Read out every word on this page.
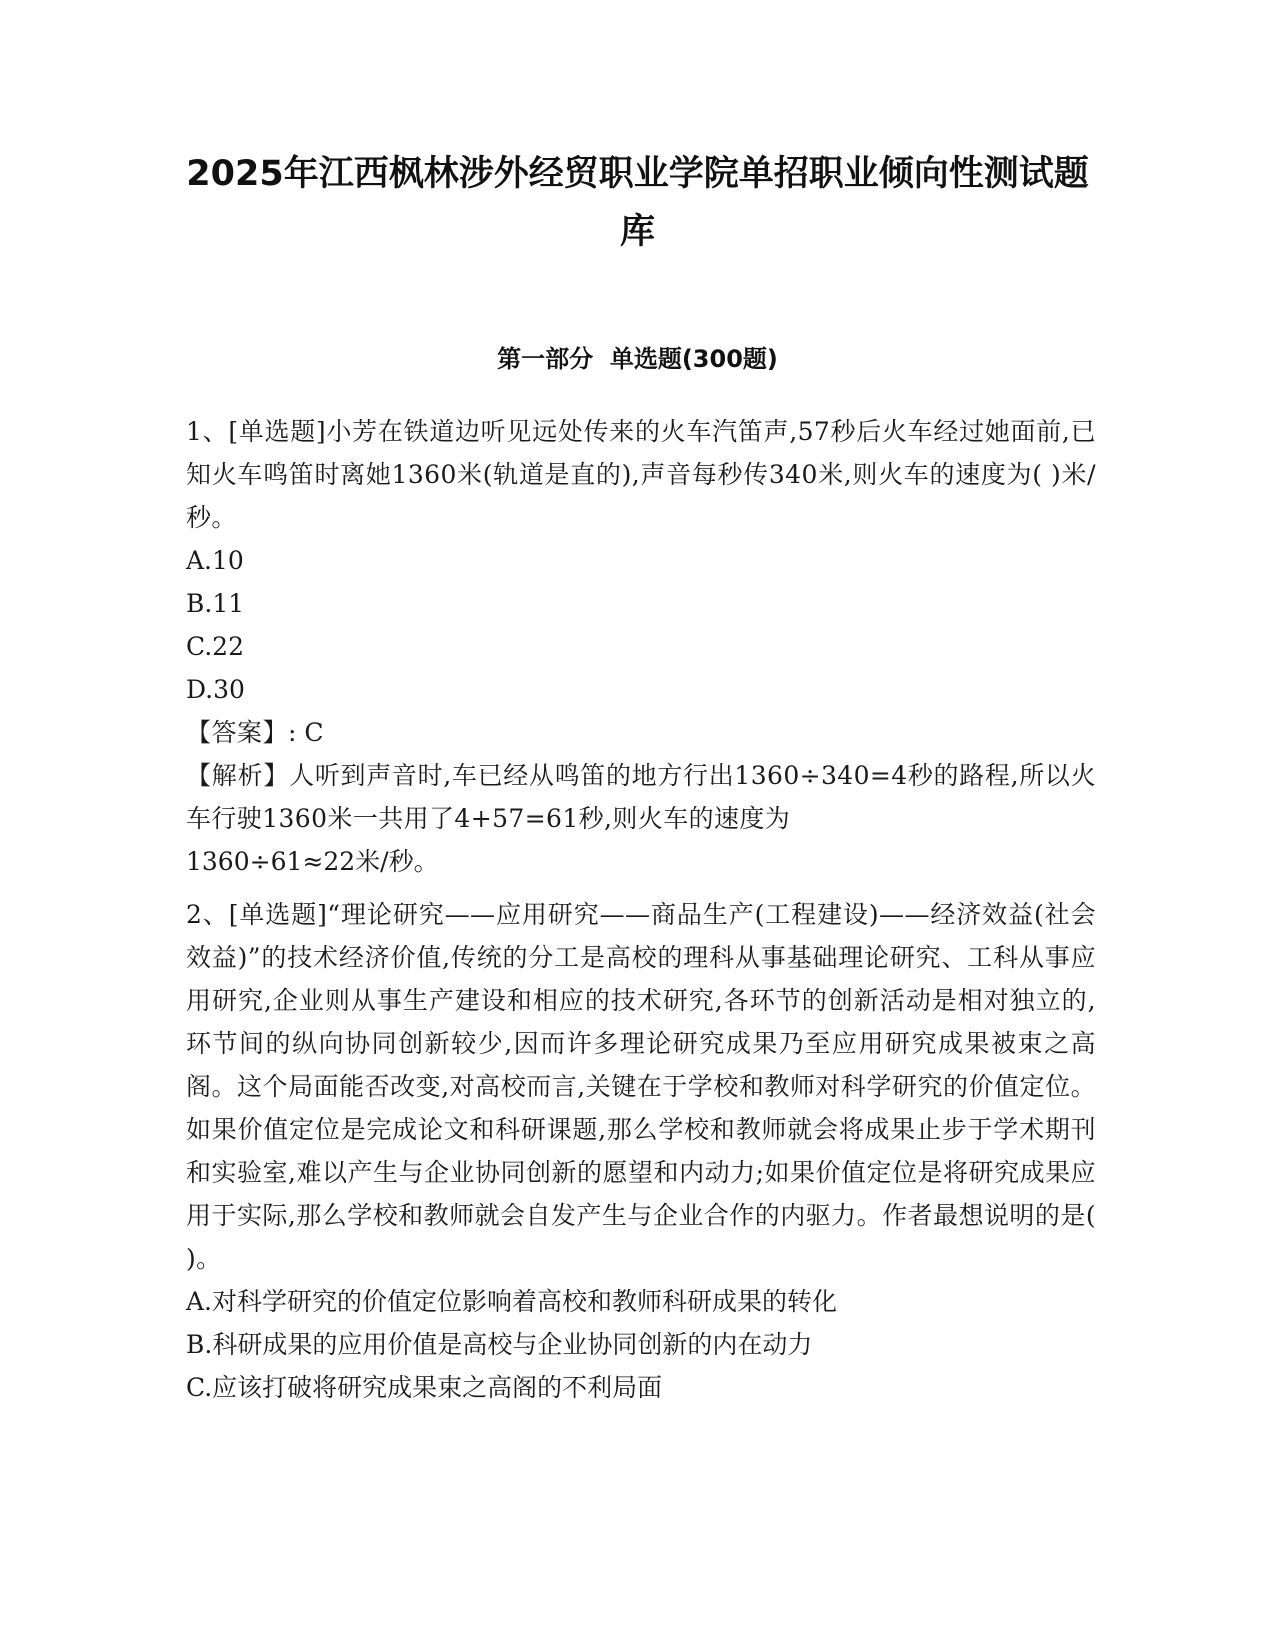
2025年江西枫林涉外经贸职业学院单招职业倾向性测试题库
第一部分  单选题(300题)

1、[单选题]小芳在铁道边听见远处传来的火车汽笛声,57秒后火车经过她面前,已知火车鸣笛时离她1360米(轨道是直的),声音每秒传340米,则火车的速度为( )米/秒。

A.10

B.11

C.22

D.30

【答案】: C

【解析】人听到声音时,车已经从鸣笛的地方行出1360÷340=4秒的路程,所以火车行驶1360米一共用了4+57=61秒,则火车的速度为

1360÷61≈22米/秒。

2、[单选题]“理论研究——应用研究——商品生产(工程建设)——经济效益(社会效益)”的技术经济价值,传统的分工是高校的理科从事基础理论研究、工科从事应用研究,企业则从事生产建设和相应的技术研究,各环节的创新活动是相对独立的,环节间的纵向协同创新较少,因而许多理论研究成果乃至应用研究成果被束之高阁。这个局面能否改变,对高校而言,关键在于学校和教师对科学研究的价值定位。如果价值定位是完成论文和科研课题,那么学校和教师就会将成果止步于学术期刊和实验室,难以产生与企业协同创新的愿望和内动力;如果价值定位是将研究成果应用于实际,那么学校和教师就会自发产生与企业合作的内驱力。作者最想说明的是( )。

A.对科学研究的价值定位影响着高校和教师科研成果的转化

B.科研成果的应用价值是高校与企业协同创新的内在动力

C.应该打破将研究成果束之高阁的不利局面
